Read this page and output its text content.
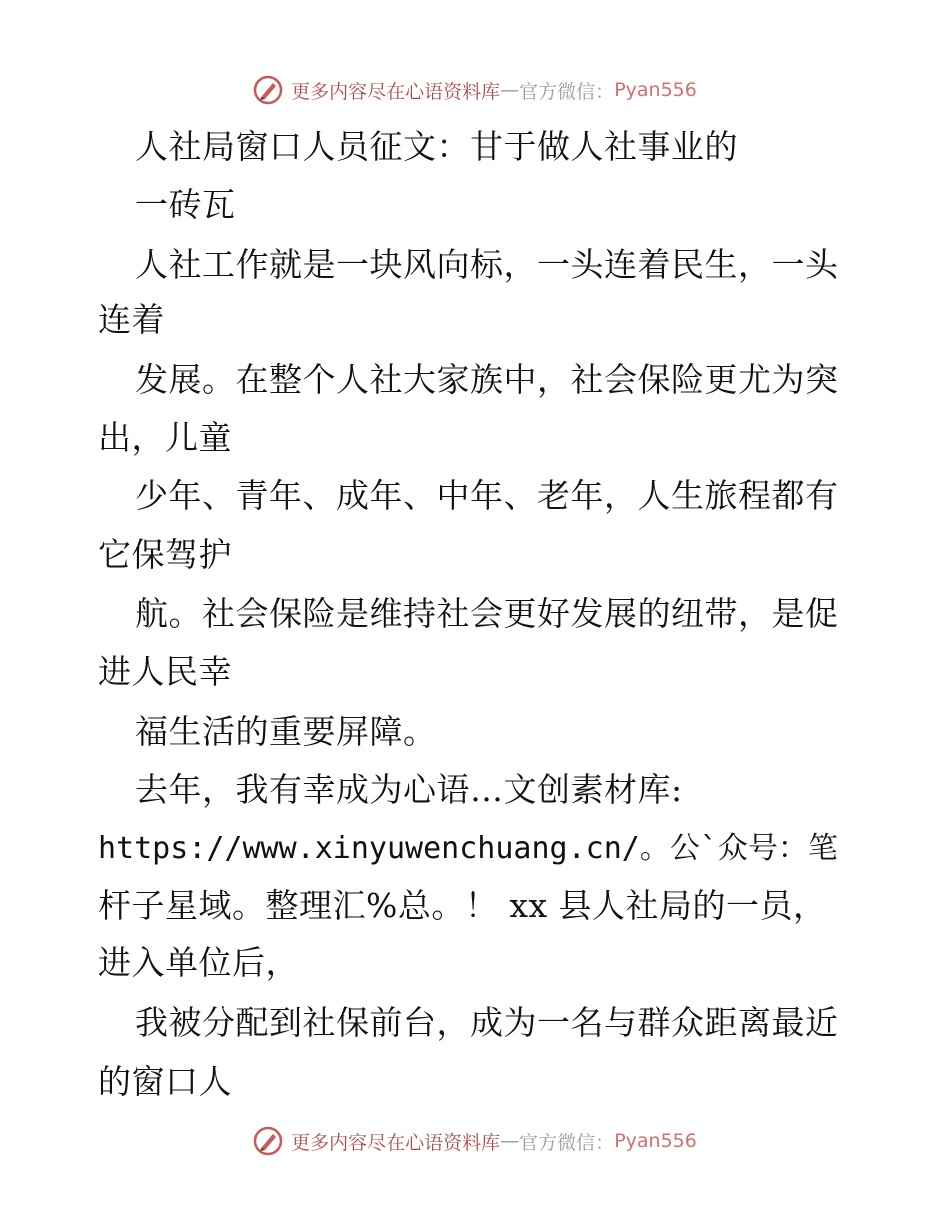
更多内容尽在心语资料库 — 官方微信： Pyan556
人社局窗口人员征文：甘于做人社事业的
一砖瓦
人社工作就是一块风向标，一头连着民生，一头
连着
发展。在整个人社大家族中，社会保险更尤为突
出，儿童
少年、青年、成年、中年、老年，人生旅程都有
它保驾护
航。社会保险是维持社会更好发展的纽带，是促
进人民幸
福生活的重要屏障。
去年，我有幸成为心语…文创素材库:
https://www.xinyuwenchuang.cn/。公`众号：笔
杆子星域。整理汇%总。！ xx 县人社局的一员，
进入单位后，
我被分配到社保前台，成为一名与群众距离最近
的窗口人
更多内容尽在心语资料库 — 官方微信： Pyan556
